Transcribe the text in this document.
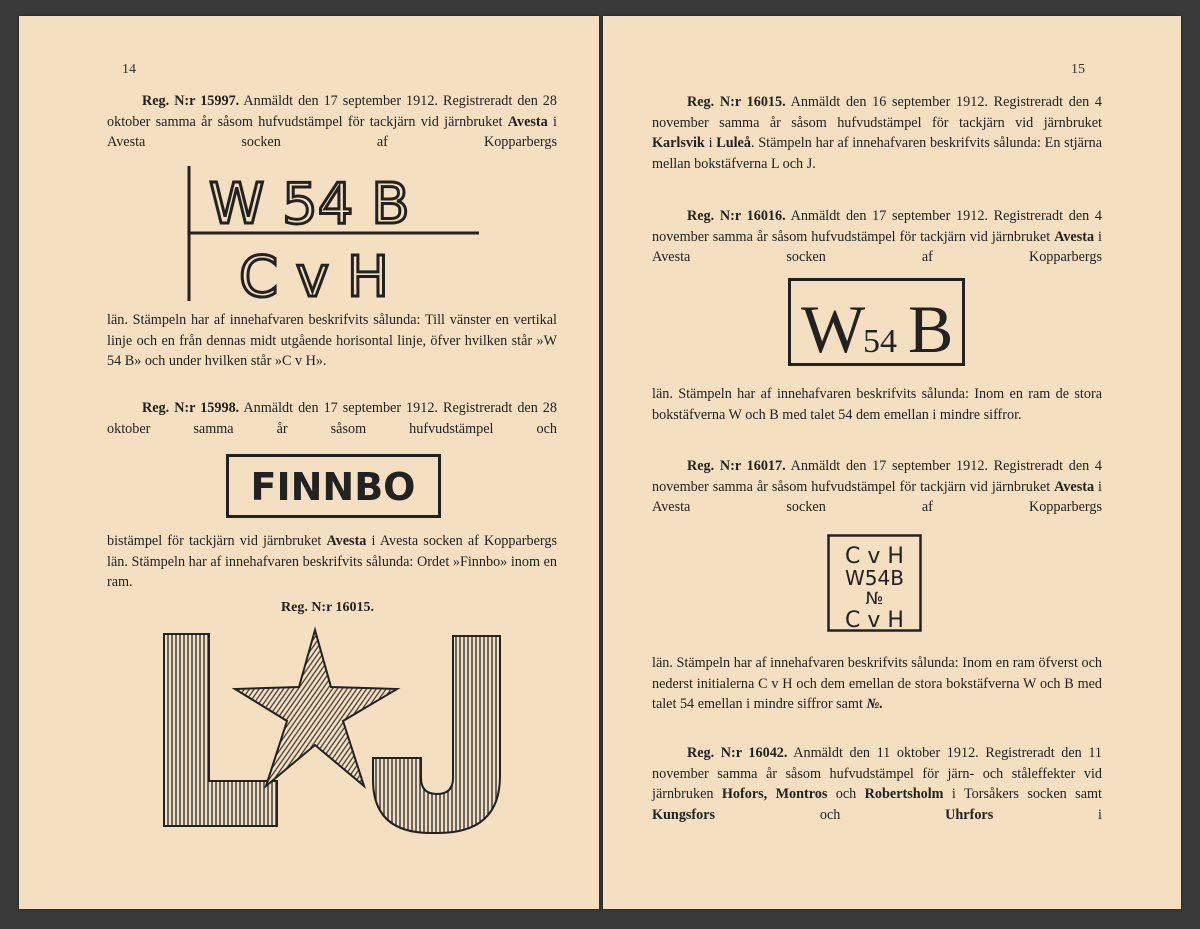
14

Reg. N:r 15997. Anmäldt den 17 september 1912. Registreradt den 28 oktober samma år såsom hufvudstämpel för tackjärn vid järnbruket Avesta i Avesta socken af Kopparbergs

W 54 B
C v H

län. Stämpeln har af innehafvaren beskrifvits sålunda: Till vänster en vertikal linje och en från dennas midt utgående horisontal linje, öfver hvilken står »W 54 B» och under hvilken står »C v H».

Reg. N:r 15998. Anmäldt den 17 september 1912. Registreradt den 28 oktober samma år såsom hufvudstämpel och

FINNBO

bistämpel för tackjärn vid järnbruket Avesta i Avesta socken af Kopparbergs län. Stämpeln har af innehafvaren beskrifvits sålunda: Ordet »Finnbo» inom en ram.

Reg. N:r 16015.
15

Reg. N:r 16015. Anmäldt den 16 september 1912. Registreradt den 4 november samma år såsom hufvudstämpel för tackjärn vid järnbruket Karlsvik i Luleå. Stämpeln har af innehafvaren beskrifvits sålunda: En stjärna mellan bokstäfverna L och J.

Reg. N:r 16016. Anmäldt den 17 september 1912. Registreradt den 4 november samma år såsom hufvudstämpel för tackjärn vid järnbruket Avesta i Avesta socken af Kopparbergs

W
54 B

län. Stämpeln har af innehafvaren beskrifvits sålunda: Inom en ram de stora bokstäfverna W och B med talet 54 dem emellan i mindre siffror.

Reg. N:r 16017. Anmäldt den 17 september 1912. Registreradt den 4 november samma år såsom hufvudstämpel för tackjärn vid järnbruket Avesta i Avesta socken af Kopparbergs

C v H
W54B
№
C v H

län. Stämpeln har af innehafvaren beskrifvits sålunda: Inom en ram öfverst och nederst initialerna C v H och dem emellan de stora bokstäfverna W och B med talet 54 emellan i mindre siffror samt №.

Reg. N:r 16042. Anmäldt den 11 oktober 1912. Registreradt den 11 november samma år såsom hufvudstämpel för järn- och ståleffekter vid järnbruken Hofors, Montros och Robertsholm i Torsåkers socken samt Kungsfors och Uhrfors i
